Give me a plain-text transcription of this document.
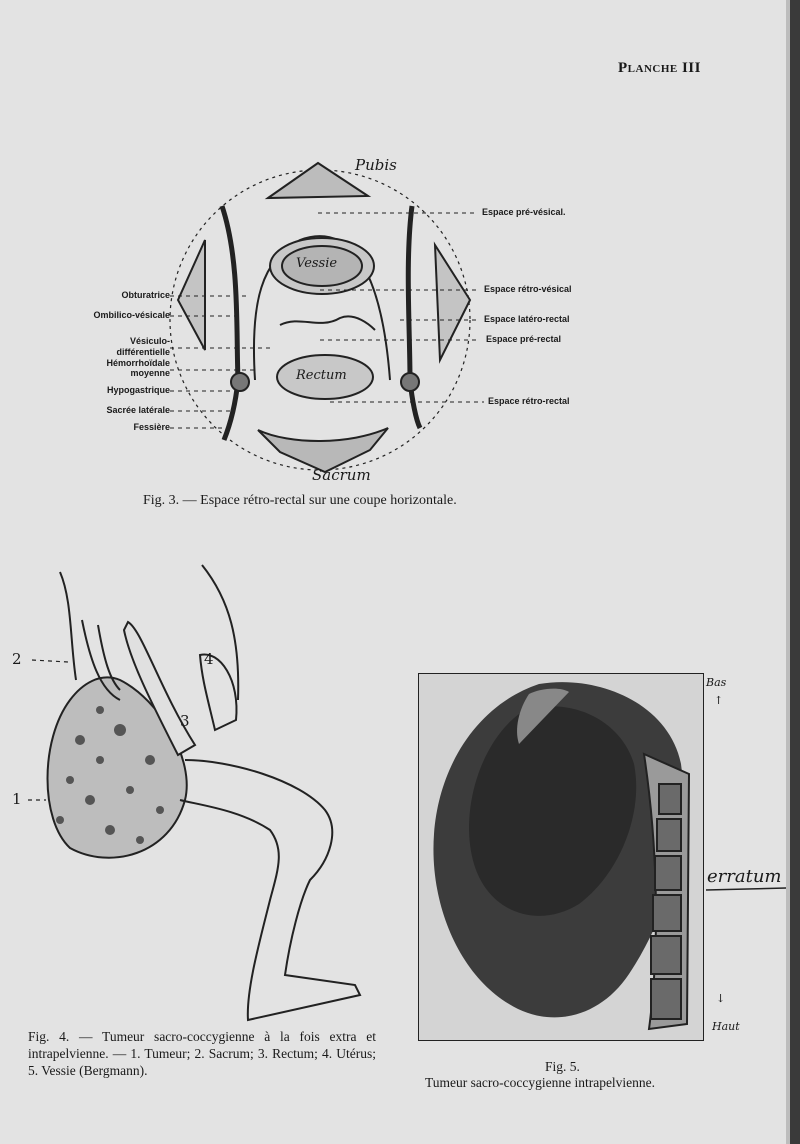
Planche III
Pubis
Vessie
Rectum
Sacrum
Obturatrice
Ombilico-vésicale
Vésiculo-
différentielle
Hémorrhoïdale
moyenne
Hypogastrique
Sacrée latérale
Fessière
Espace pré-vésical.
Espace rétro-vésical
Espace latéro-rectal
Espace pré-rectal
Espace rétro-rectal
Fig. 3. — Espace rétro-rectal sur une coupe horizontale.
2
1
3
4
Fig. 4. — Tumeur sacro-coccygienne à la fois extra et intrapelvienne. — 1. Tumeur; 2. Sacrum; 3. Rectum; 4. Utérus; 5. Vessie (Bergmann).
Bas
↑
erratum
↓
Haut
Fig. 5.
Tumeur sacro-coccygienne intrapelvienne.
